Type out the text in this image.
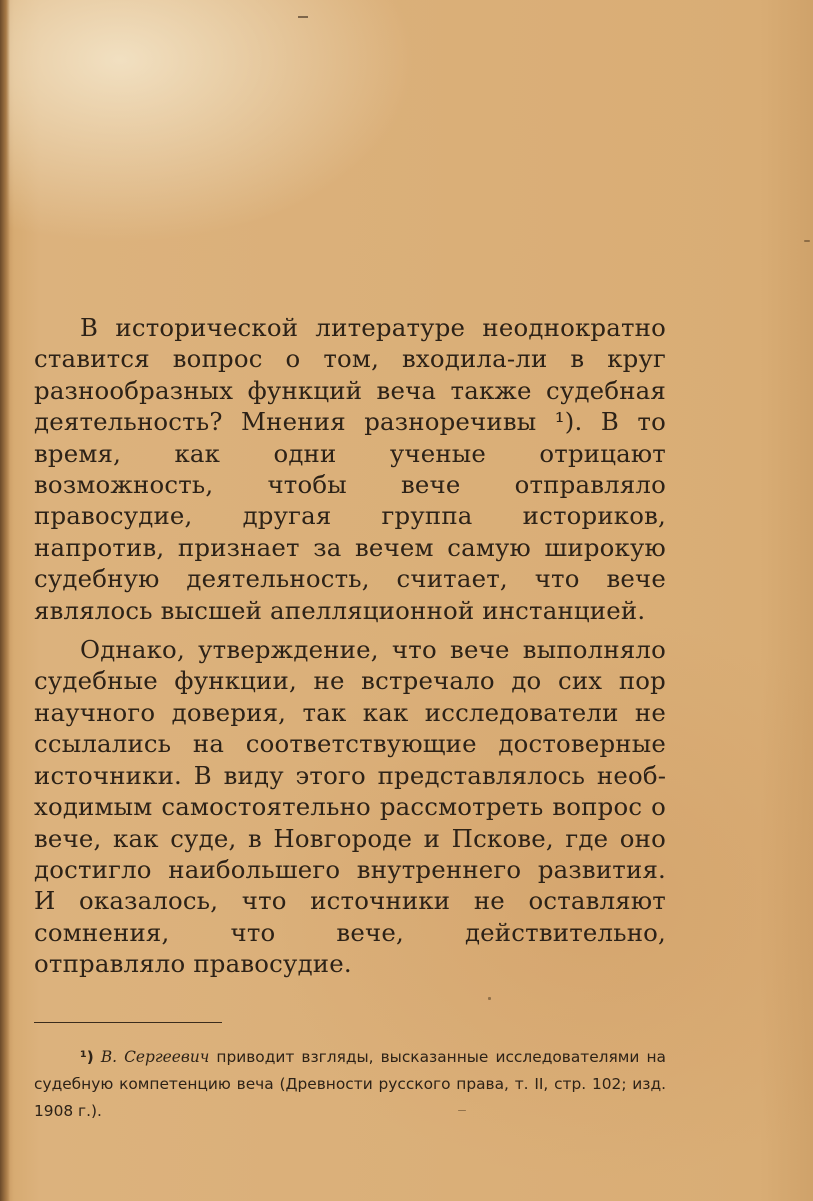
В исторической литературе неоднократно ставится вопрос о том, входила-ли в круг разнообразных функций веча также судебная деятельность? Мнения разноречивы ¹). В то время, как одни ученые отрицают возможность, чтобы вече отправляло правосудие, другая группа историков, напротив, признает за вечем самую широкую судебную деятельность, считает, что вече являлось высшей апелляционной инстанцией.

Однако, утверждение, что вече выполняло судебные функции, не встречало до сих пор научного доверия, так как исследователи не ссылались на соответствующие достоверные источники. В виду этого представлялось необходимым самостоятельно рассмотреть вопрос о вече, как суде, в Новгороде и Пскове, где оно достигло наибольшего внутреннего развития. И оказалось, что источники не оставляют сомнения, что вече, действительно, отправляло правосудие.

¹) В. Сергеевич приводит взгляды, высказанные исследователями на судебную компетенцию веча (Древности русского права, т. II, стр. 102; изд. 1908 г.).
